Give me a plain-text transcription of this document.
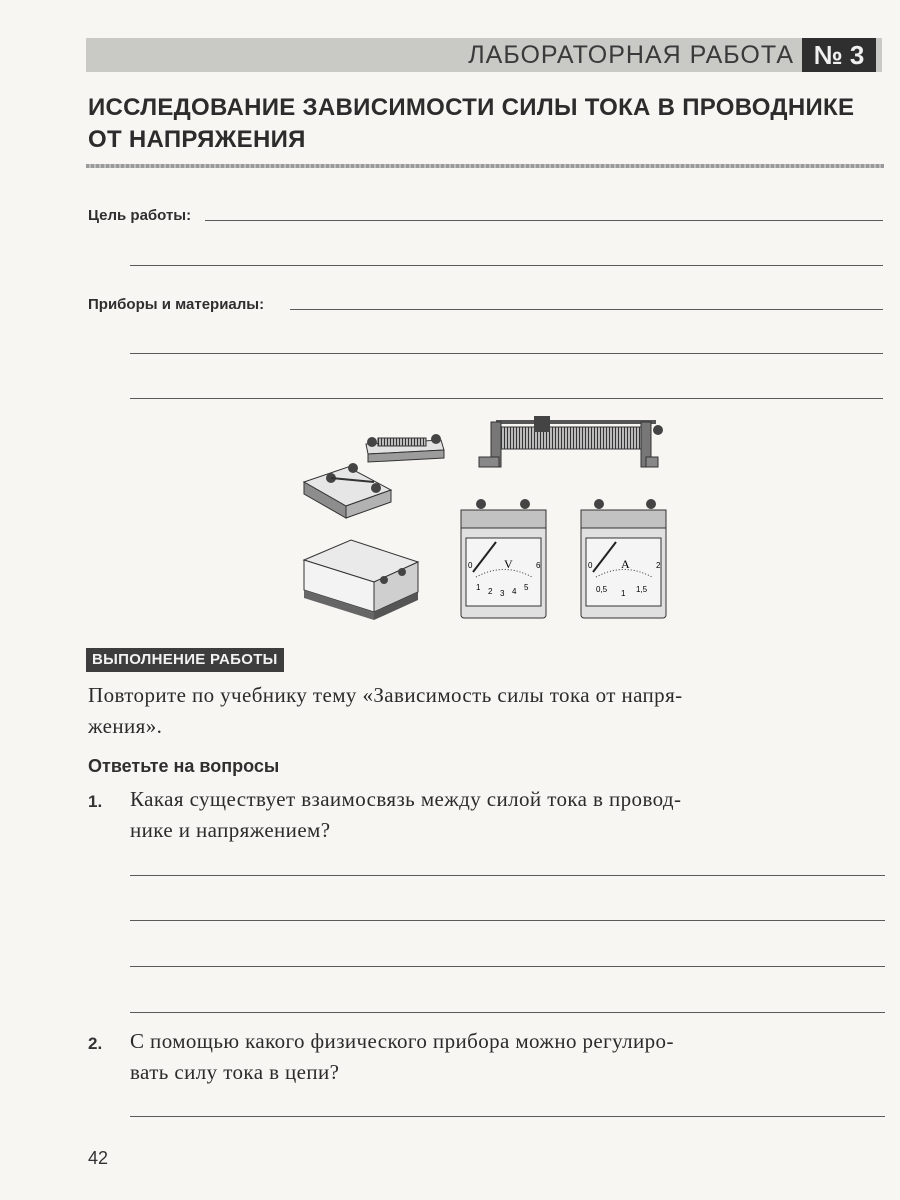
ЛАБОРАТОРНАЯ РАБОТА № 3
ИССЛЕДОВАНИЕ ЗАВИСИМОСТИ СИЛЫ ТОКА В ПРОВОДНИКЕ
ОТ НАПРЯЖЕНИЯ
Цель работы:
Приборы и материалы:
V
0	6
1 2 3 4 5
A
0	2
0,5 1 1,5
ВЫПОЛНЕНИЕ РАБОТЫ
Повторите по учебнику тему «Зависимость силы тока от напря-
жения».
Ответьте на вопросы
1. Какая существует взаимосвязь между силой тока в провод-
нике и напряжением?
2. С помощью какого физического прибора можно регулиро-
вать силу тока в цепи?
42
